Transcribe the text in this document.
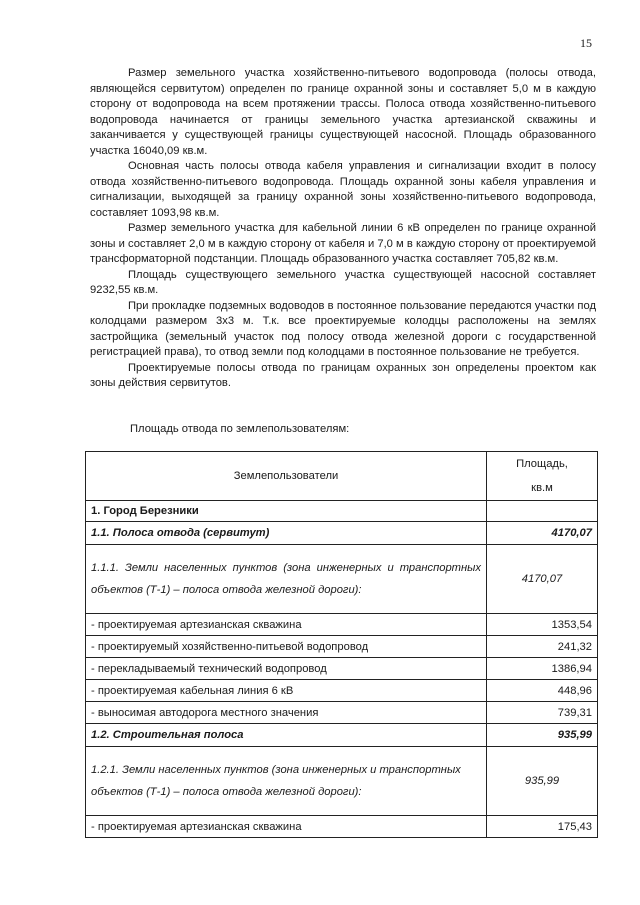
15

Размер земельного участка хозяйственно-питьевого водопровода (полосы отвода, являющейся сервитутом) определен по границе охранной зоны и составляет 5,0 м в каждую сторону от водопровода на всем протяжении трассы. Полоса отвода хозяйственно-питьевого водопровода начинается от границы земельного участка артезианской скважины и заканчивается у существующей границы существующей насосной. Площадь образованного участка 16040,09 кв.м.

Основная часть полосы отвода кабеля управления и сигнализации входит в полосу отвода хозяйственно-питьевого водопровода. Площадь охранной зоны кабеля управления и сигнализации, выходящей за границу охранной зоны хозяйственно-питьевого водопровода, составляет 1093,98 кв.м.

Размер земельного участка для кабельной линии 6 кВ определен по границе охранной зоны и составляет 2,0 м в каждую сторону от кабеля и 7,0 м в каждую сторону от проектируемой трансформаторной подстанции. Площадь образованного участка составляет 705,82 кв.м.

Площадь существующего земельного участка существующей насосной составляет 9232,55 кв.м.

При прокладке подземных водоводов в постоянное пользование передаются участки под колодцами размером 3х3 м. Т.к. все проектируемые колодцы расположены на землях застройщика (земельный участок под полосу отвода железной дороги с государственной регистрацией права), то отвод земли под колодцами в постоянное пользование не требуется.

Проектируемые полосы отвода по границам охранных зон определены проектом как зоны действия сервитутов.

Площадь отвода по землепользователям:
Землепользователи	Площадь,
кв.м

1. Город Березники	
1.1. Полоса отвода (сервитут)	4170,07
1.1.1. Земли населенных пунктов (зона инженерных и транспортных объектов (Т-1) – полоса отвода железной дороги):	4170,07
- проектируемая артезианская скважина	1353,54
- проектируемый хозяйственно-питьевой водопровод	241,32
- перекладываемый технический водопровод	1386,94
- проектируемая кабельная линия 6 кВ	448,96
- выносимая автодорога местного значения	739,31
1.2. Строительная полоса	935,99
1.2.1. Земли населенных пунктов (зона инженерных и транспортных объектов (Т-1) – полоса отвода железной дороги):	935,99
- проектируемая артезианская скважина	175,43
